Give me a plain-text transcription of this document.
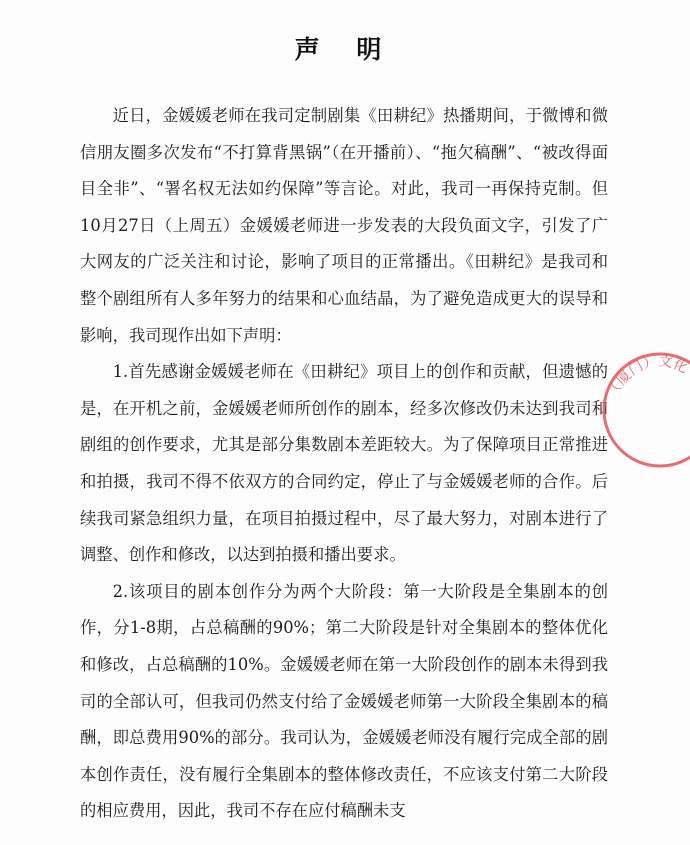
声 明

近日，金媛媛老师在我司定制剧集《田耕纪》热播期间，于微博和微信朋友圈多次发布“不打算背黑锅”（在开播前）、“拖欠稿酬”、“被改得面目全非”、“署名权无法如约保障”等言论。对此，我司一再保持克制。但10月27日（上周五）金媛媛老师进一步发表的大段负面文字，引发了广大网友的广泛关注和讨论，影响了项目的正常播出。《田耕纪》是我司和整个剧组所有人多年努力的结果和心血结晶，为了避免造成更大的误导和影响，我司现作出如下声明：

1.首先感谢金媛媛老师在《田耕纪》项目上的创作和贡献，但遗憾的是，在开机之前，金媛媛老师所创作的剧本，经多次修改仍未达到我司和剧组的创作要求，尤其是部分集数剧本差距较大。为了保障项目正常推进和拍摄，我司不得不依双方的合同约定，停止了与金媛媛老师的合作。后续我司紧急组织力量，在项目拍摄过程中，尽了最大努力，对剧本进行了调整、创作和修改，以达到拍摄和播出要求。

2.该项目的剧本创作分为两个大阶段：第一大阶段是全集剧本的创作，分1-8期，占总稿酬的90%；第二大阶段是针对全集剧本的整体优化和修改，占总稿酬的10%。金媛媛老师在第一大阶段创作的剧本未得到我司的全部认可，但我司仍然支付给了金媛媛老师第一大阶段全集剧本的稿酬，即总费用90%的部分。我司认为，金媛媛老师没有履行完成全部的剧本创作责任，没有履行全集剧本的整体修改责任，不应该支付第二大阶段的相应费用，因此，我司不存在应付稿酬未支

（厦门）文化
